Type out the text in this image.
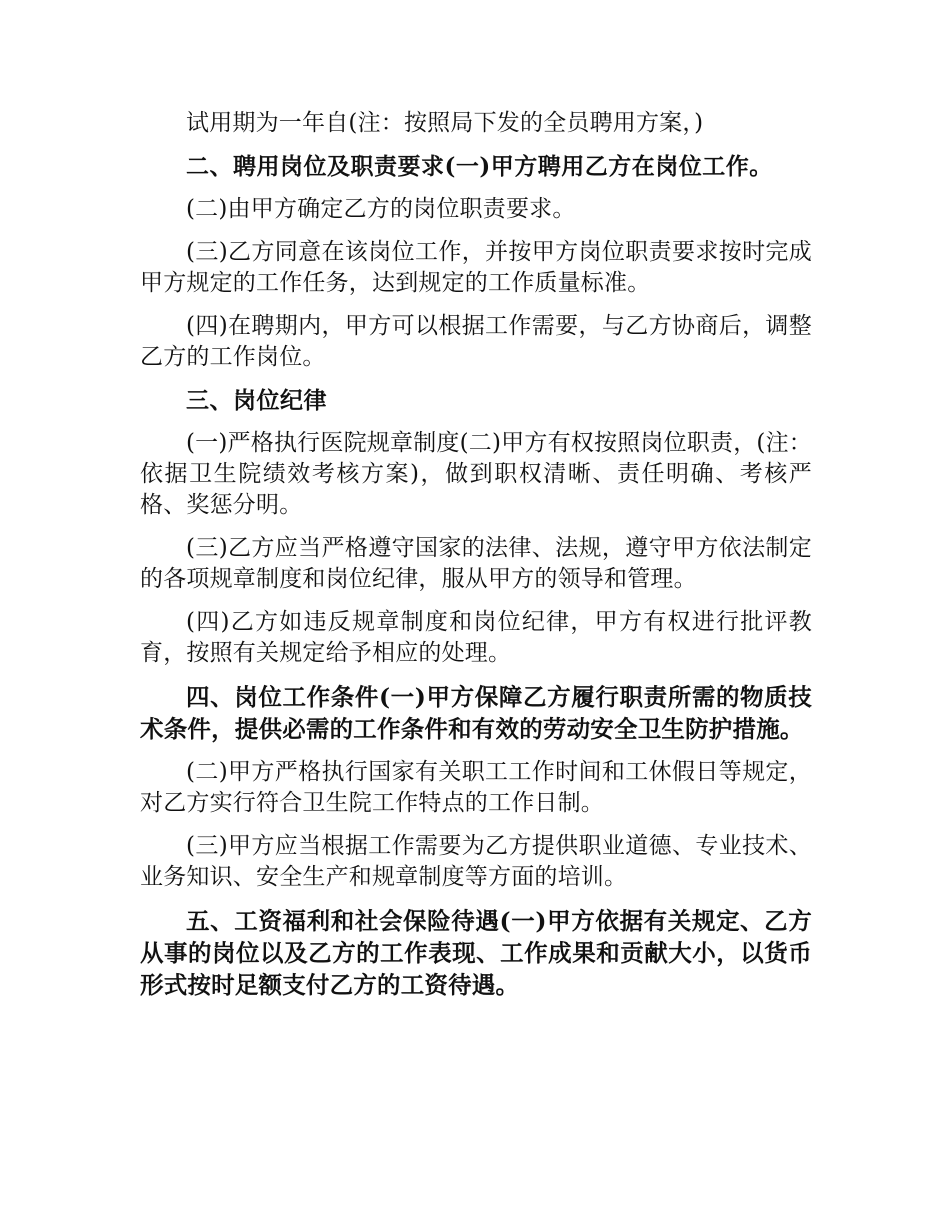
试用期为一年自(注：按照局下发的全员聘用方案，)

二、聘用岗位及职责要求(一)甲方聘用乙方在岗位工作。

(二)由甲方确定乙方的岗位职责要求。

(三)乙方同意在该岗位工作，并按甲方岗位职责要求按时完成甲方规定的工作任务，达到规定的工作质量标准。

(四)在聘期内，甲方可以根据工作需要，与乙方协商后，调整乙方的工作岗位。

三、岗位纪律

(一)严格执行医院规章制度(二)甲方有权按照岗位职责，(注：依据卫生院绩效考核方案)，做到职权清晰、责任明确、考核严格、奖惩分明。

(三)乙方应当严格遵守国家的法律、法规，遵守甲方依法制定的各项规章制度和岗位纪律，服从甲方的领导和管理。

(四)乙方如违反规章制度和岗位纪律，甲方有权进行批评教育，按照有关规定给予相应的处理。

四、岗位工作条件(一)甲方保障乙方履行职责所需的物质技术条件，提供必需的工作条件和有效的劳动安全卫生防护措施。

(二)甲方严格执行国家有关职工工作时间和工休假日等规定，对乙方实行符合卫生院工作特点的工作日制。

(三)甲方应当根据工作需要为乙方提供职业道德、专业技术、业务知识、安全生产和规章制度等方面的培训。

五、工资福利和社会保险待遇(一)甲方依据有关规定、乙方从事的岗位以及乙方的工作表现、工作成果和贡献大小，以货币形式按时足额支付乙方的工资待遇。
